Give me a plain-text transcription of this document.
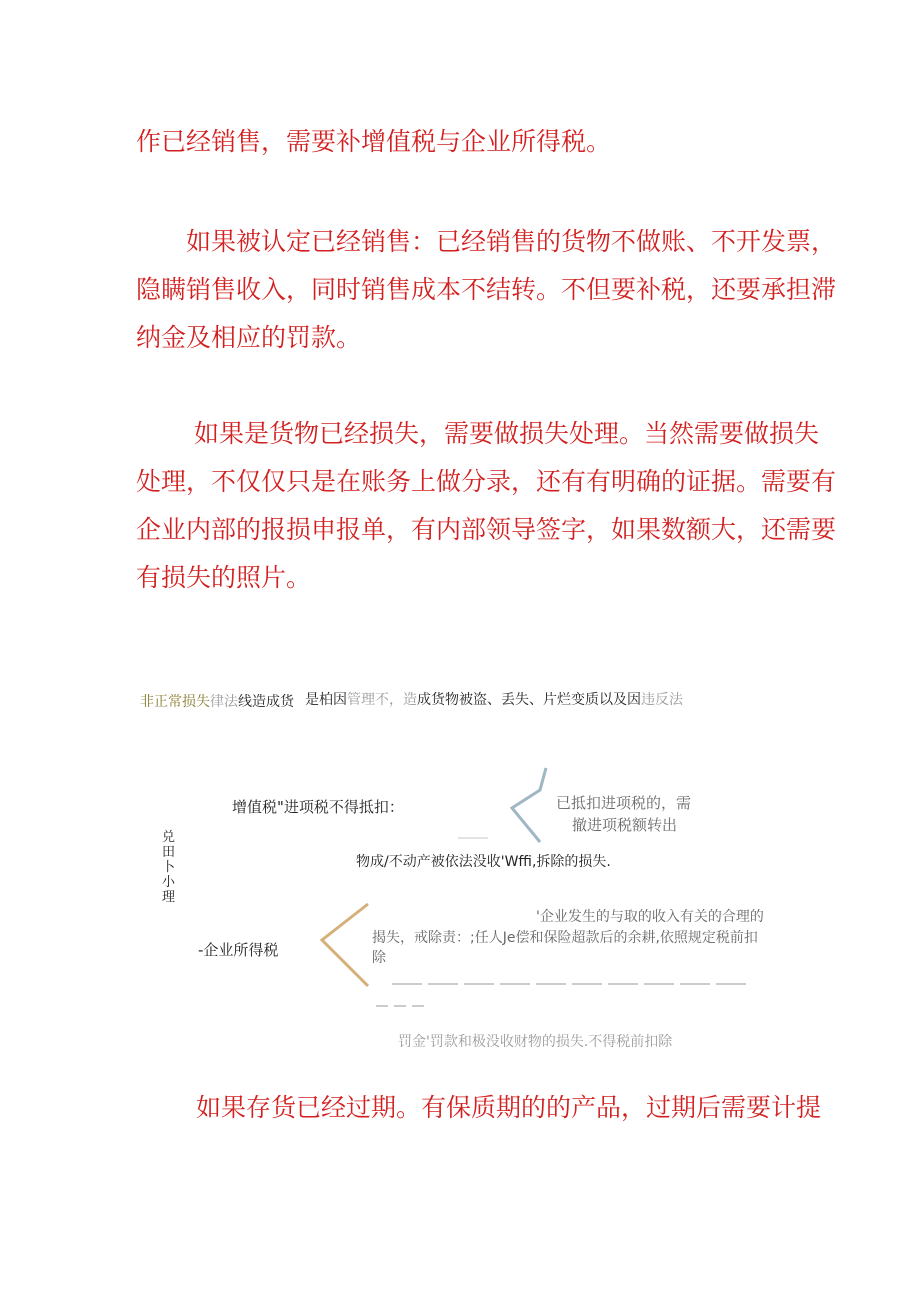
作已经销售，需要补增值税与企业所得税。
如果被认定已经销售：已经销售的货物不做账、不开发票，
隐瞒销售收入，同时销售成本不结转。不但要补税，还要承担滞
纳金及相应的罚款。
如果是货物已经损失，需要做损失处理。当然需要做损失
处理，不仅仅只是在账务上做分录，还有有明确的证据。需要有
企业内部的报损申报单，有内部领导签字，如果数额大，还需要
有损失的照片。
非正常损失律法线造成货 是柏因管理不，造成货物被盗、丢失、片烂变质以及因违反法
兑田卜小理
增值税"进项税不得抵扣：	已抵扣进项税的，需
撤进项税额转出
物成/不动产被依法没收'Wffi,拆除的损失.
-企业所得税
'企业发生的与取的收入有关的合理的
揭失，戒除责：;任人Je偿和保险超款后的余耕,依照规定税前扣
除
罚金'罚款和极没收财物的损失.不得税前扣除
如果存货已经过期。有保质期的的产品，过期后需要计提
